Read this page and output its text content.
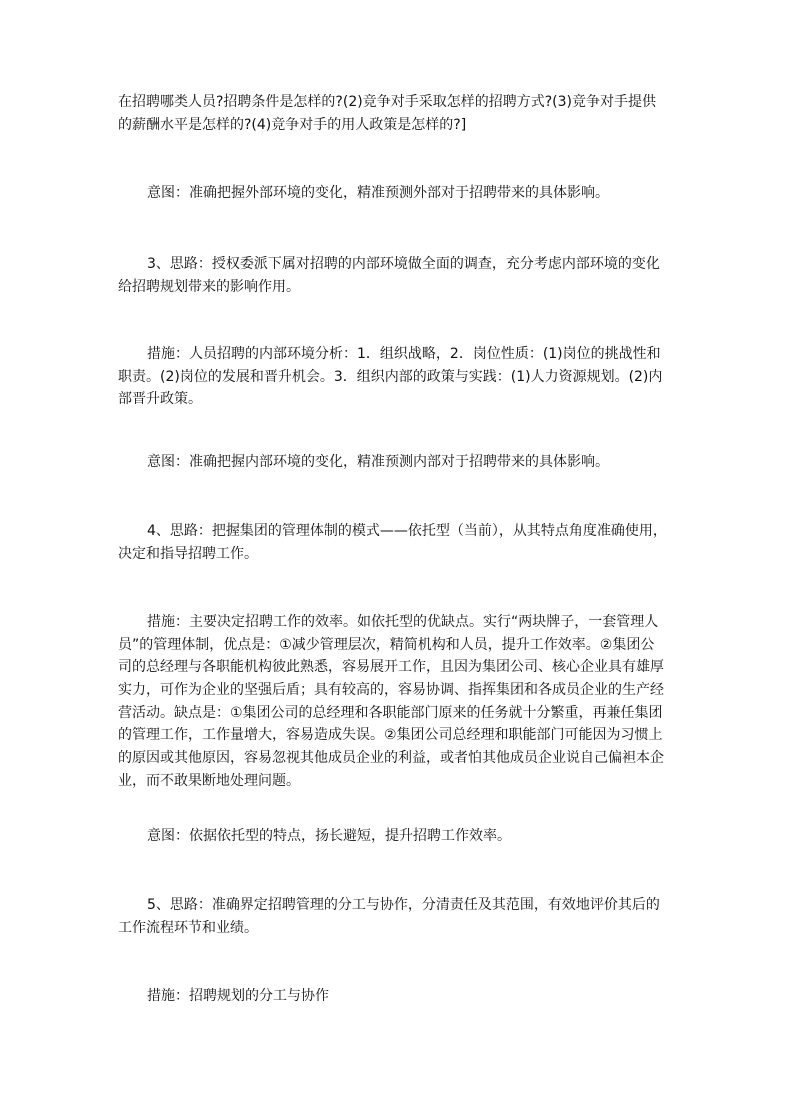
在招聘哪类人员?招聘条件是怎样的?(2)竞争对手采取怎样的招聘方式?(3)竞争对手提供
的薪酬水平是怎样的?(4)竞争对手的用人政策是怎样的?]
意图：准确把握外部环境的变化，精准预测外部对于招聘带来的具体影响。
3、思路：授权委派下属对招聘的内部环境做全面的调查，充分考虑内部环境的变化
给招聘规划带来的影响作用。
措施：人员招聘的内部环境分析：1．组织战略，2．岗位性质：(1)岗位的挑战性和
职责。(2)岗位的发展和晋升机会。3．组织内部的政策与实践：(1)人力资源规划。(2)内
部晋升政策。
意图：准确把握内部环境的变化，精准预测内部对于招聘带来的具体影响。
4、思路：把握集团的管理体制的模式——依托型（当前），从其特点角度准确使用，
决定和指导招聘工作。
措施：主要决定招聘工作的效率。如依托型的优缺点。实行“两块牌子，一套管理人
员”的管理体制，优点是：①减少管理层次，精简机构和人员，提升工作效率。②集团公
司的总经理与各职能机构彼此熟悉，容易展开工作，且因为集团公司、核心企业具有雄厚
实力，可作为企业的坚强后盾；具有较高的，容易协调、指挥集团和各成员企业的生产经
营活动。缺点是：①集团公司的总经理和各职能部门原来的任务就十分繁重，再兼任集团
的管理工作，工作量增大，容易造成失误。②集团公司总经理和职能部门可能因为习惯上
的原因或其他原因，容易忽视其他成员企业的利益，或者怕其他成员企业说自己偏袒本企
业，而不敢果断地处理问题。
意图：依据依托型的特点，扬长避短，提升招聘工作效率。
5、思路：准确界定招聘管理的分工与协作，分清责任及其范围，有效地评价其后的
工作流程环节和业绩。
措施：招聘规划的分工与协作
